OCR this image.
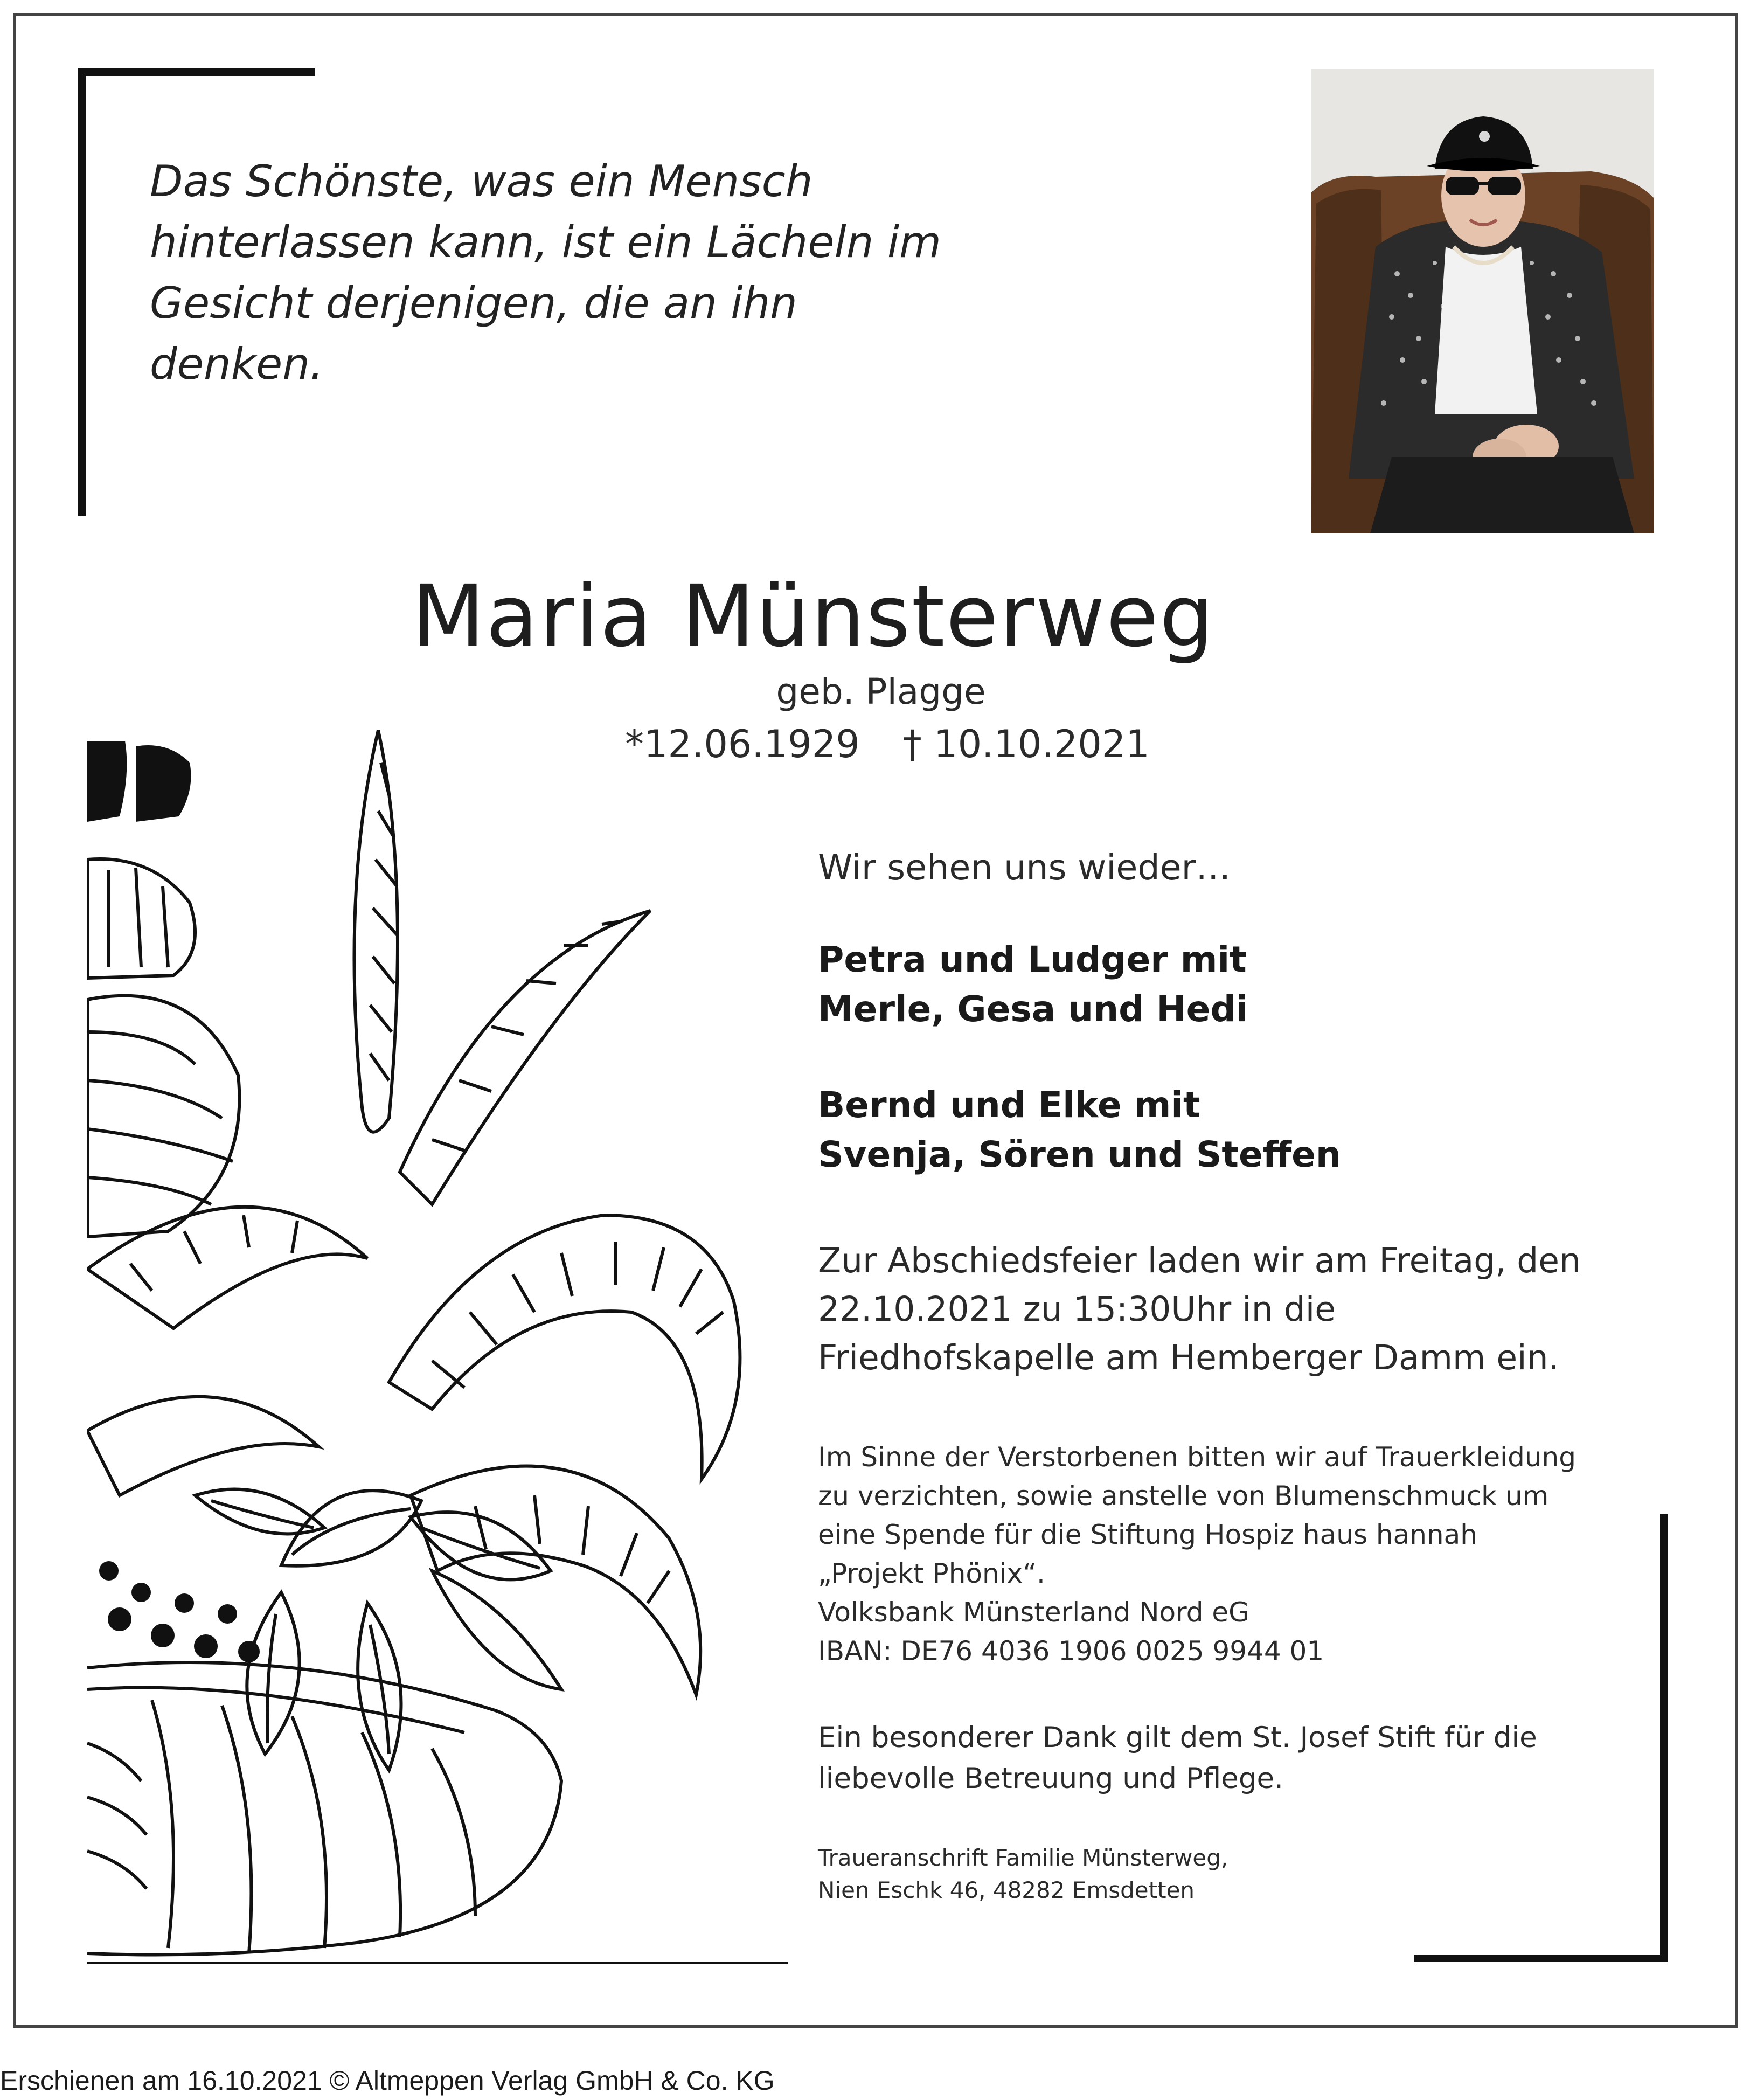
Das Schönste, was ein Mensch
hinterlassen kann, ist ein Lächeln im
Gesicht derjenigen, die an ihn
denken.
Maria Münsterweg
geb. Plagge
*12.06.1929 † 10.10.2021
Wir sehen uns wieder…
Petra und Ludger mit
Merle, Gesa und Hedi
Bernd und Elke mit
Svenja, Sören und Steffen
Zur Abschiedsfeier laden wir am Freitag, den
22.10.2021 zu 15:30Uhr in die
Friedhofskapelle am Hemberger Damm ein.
Im Sinne der Verstorbenen bitten wir auf Trauerkleidung
zu verzichten, sowie anstelle von Blumenschmuck um
eine Spende für die Stiftung Hospiz haus hannah
„Projekt Phönix“.
Volksbank Münsterland Nord eG
IBAN: DE76 4036 1906 0025 9944 01
Ein besonderer Dank gilt dem St. Josef Stift für die
liebevolle Betreuung und Pflege.
Traueranschrift Familie Münsterweg,
Nien Eschk 46, 48282 Emsdetten
Erschienen am 16.10.2021 © Altmeppen Verlag GmbH & Co. KG
